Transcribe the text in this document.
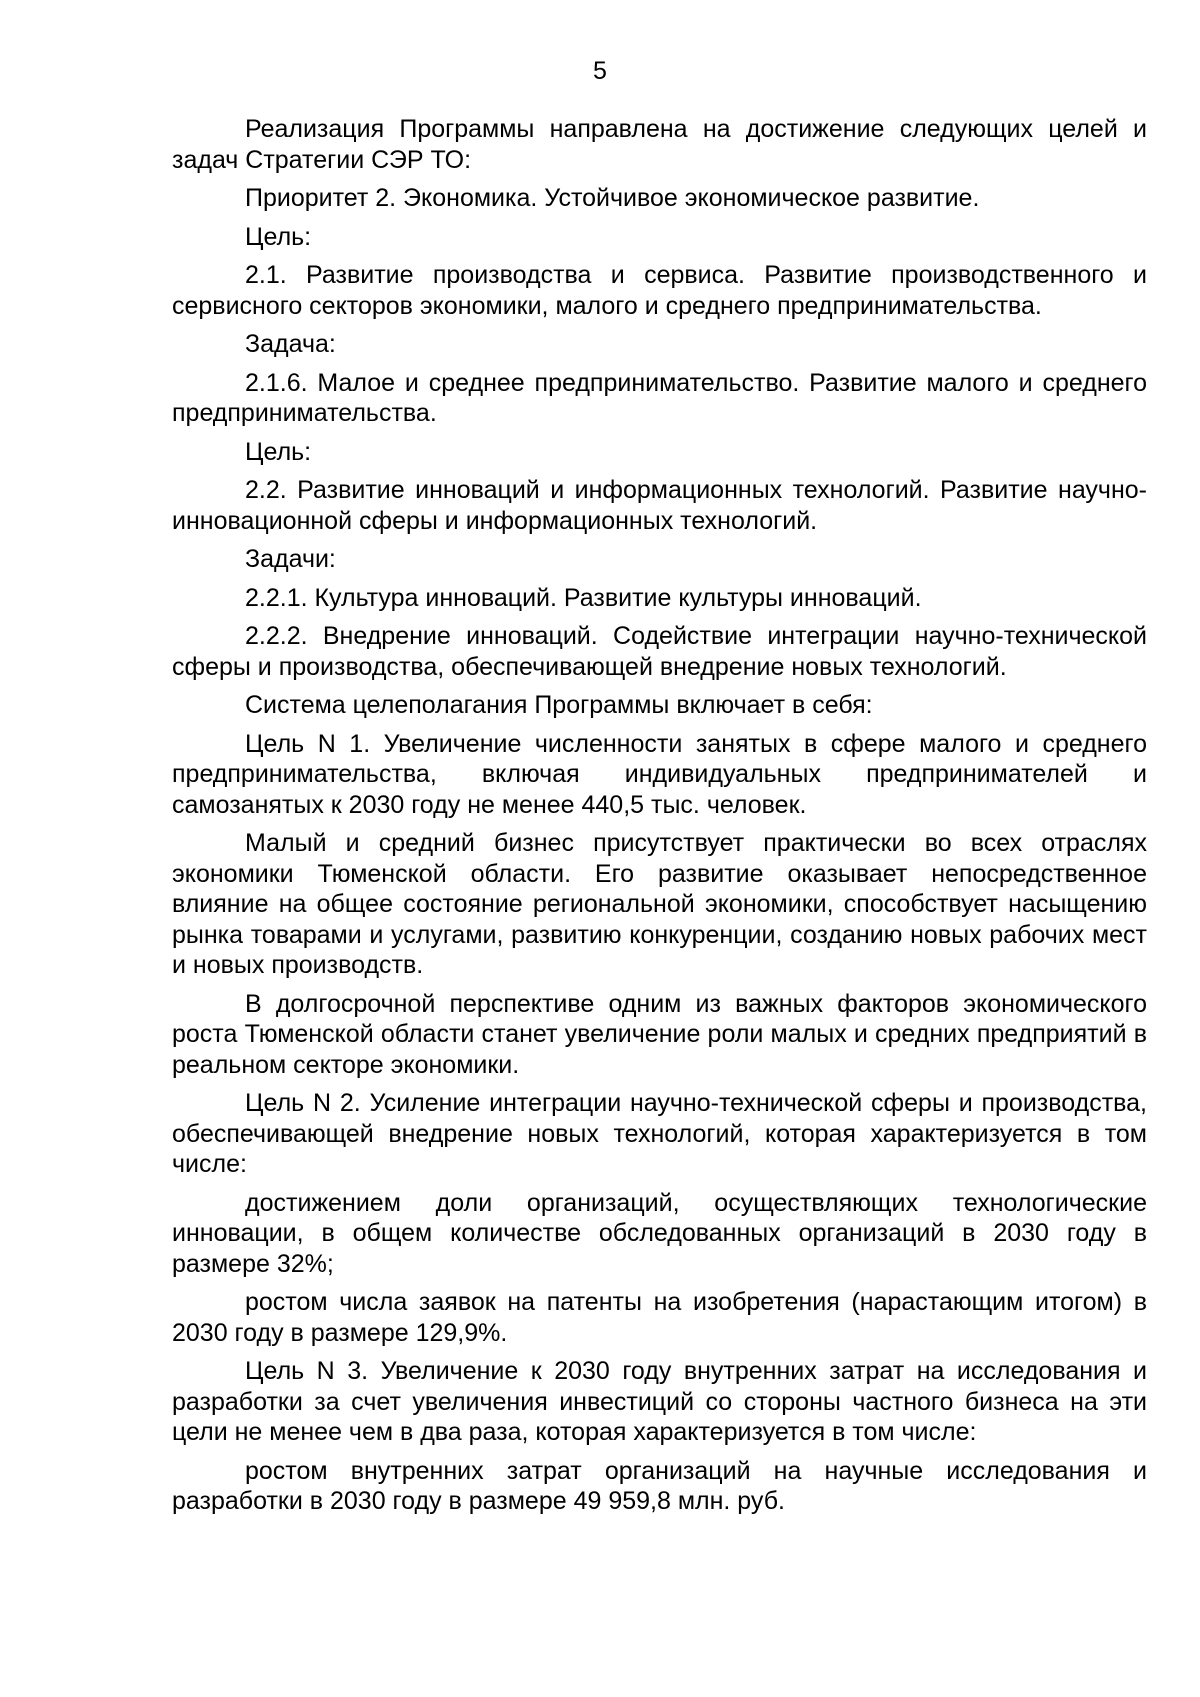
5

Реализация Программы направлена на достижение следующих целей и задач Стратегии СЭР ТО:

Приоритет 2. Экономика. Устойчивое экономическое развитие.

Цель:

2.1. Развитие производства и сервиса. Развитие производственного и сервисного секторов экономики, малого и среднего предпринимательства.

Задача:

2.1.6. Малое и среднее предпринимательство. Развитие малого и среднего предпринимательства.

Цель:

2.2. Развитие инноваций и информационных технологий. Развитие научно-инновационной сферы и информационных технологий.

Задачи:

2.2.1. Культура инноваций. Развитие культуры инноваций.

2.2.2. Внедрение инноваций. Содействие интеграции научно-технической сферы и производства, обеспечивающей внедрение новых технологий.

Система целеполагания Программы включает в себя:

Цель N 1. Увеличение численности занятых в сфере малого и среднего предпринимательства, включая индивидуальных предпринимателей и самозанятых к 2030 году не менее 440,5 тыс. человек.

Малый и средний бизнес присутствует практически во всех отраслях экономики Тюменской области. Его развитие оказывает непосредственное влияние на общее состояние региональной экономики, способствует насыщению рынка товарами и услугами, развитию конкуренции, созданию новых рабочих мест и новых производств.

В долгосрочной перспективе одним из важных факторов экономического роста Тюменской области станет увеличение роли малых и средних предприятий в реальном секторе экономики.

Цель N 2. Усиление интеграции научно-технической сферы и производства, обеспечивающей внедрение новых технологий, которая характеризуется в том числе:

достижением доли организаций, осуществляющих технологические инновации, в общем количестве обследованных организаций в 2030 году в размере 32%;

ростом числа заявок на патенты на изобретения (нарастающим итогом) в 2030 году в размере 129,9%.

Цель N 3. Увеличение к 2030 году внутренних затрат на исследования и разработки за счет увеличения инвестиций со стороны частного бизнеса на эти цели не менее чем в два раза, которая характеризуется в том числе:

ростом внутренних затрат организаций на научные исследования и разработки в 2030 году в размере 49 959,8 млн. руб.
